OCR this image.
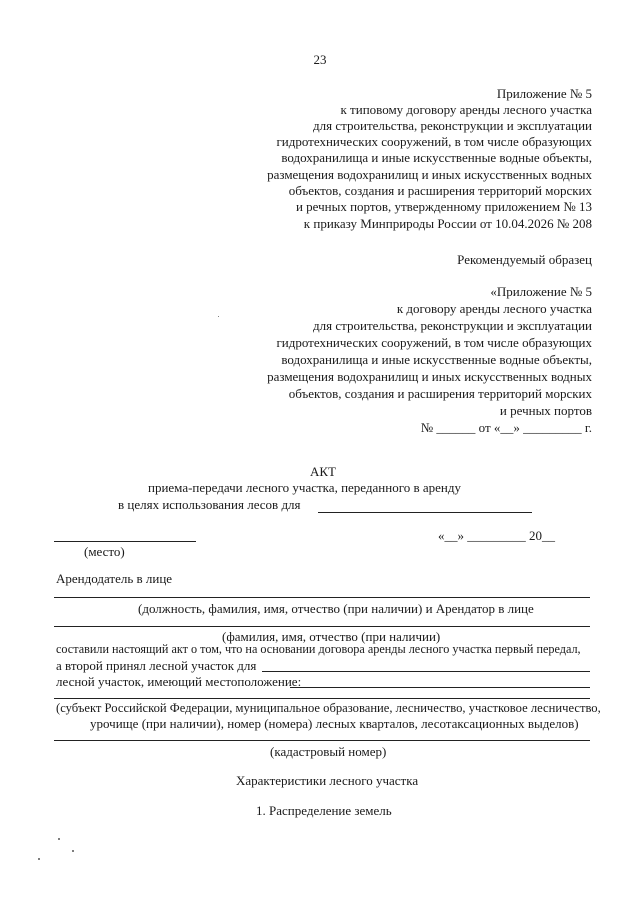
23
Приложение № 5
к типовому договору аренды лесного участка
для строительства, реконструкции и эксплуатации
гидротехнических сооружений, в том числе образующих
водохранилища и иные искусственные водные объекты,
размещения водохранилищ и иных искусственных водных
объектов, создания и расширения территорий морских
и речных портов, утвержденному приложением № 13
к приказу Минприроды России от 10.04.2026 № 208
Рекомендуемый образец
«Приложение № 5
к договору аренды лесного участка
для строительства, реконструкции и эксплуатации
гидротехнических сооружений, в том числе образующих
водохранилища и иные искусственные водные объекты,
размещения водохранилищ и иных искусственных водных
объектов, создания и расширения территорий морских
и речных портов
№ ______ от «__» _________ г.
АКТ
приема-передачи лесного участка, переданного в аренду
в целях использования лесов для
«__» _________ 20__
(место)
Арендодатель в лице
(должность, фамилия, имя, отчество (при наличии) и Арендатор в лице
(фамилия, имя, отчество (при наличии)
составили настоящий акт о том, что на основании договора аренды лесного участка первый передал,
а второй принял лесной участок для
лесной участок, имеющий местоположение:
(субъект Российской Федерации, муниципальное образование, лесничество, участковое лесничество,
урочище (при наличии), номер (номера) лесных кварталов, лесотаксационных выделов)
(кадастровый номер)
Характеристики лесного участка
1. Распределение земель
